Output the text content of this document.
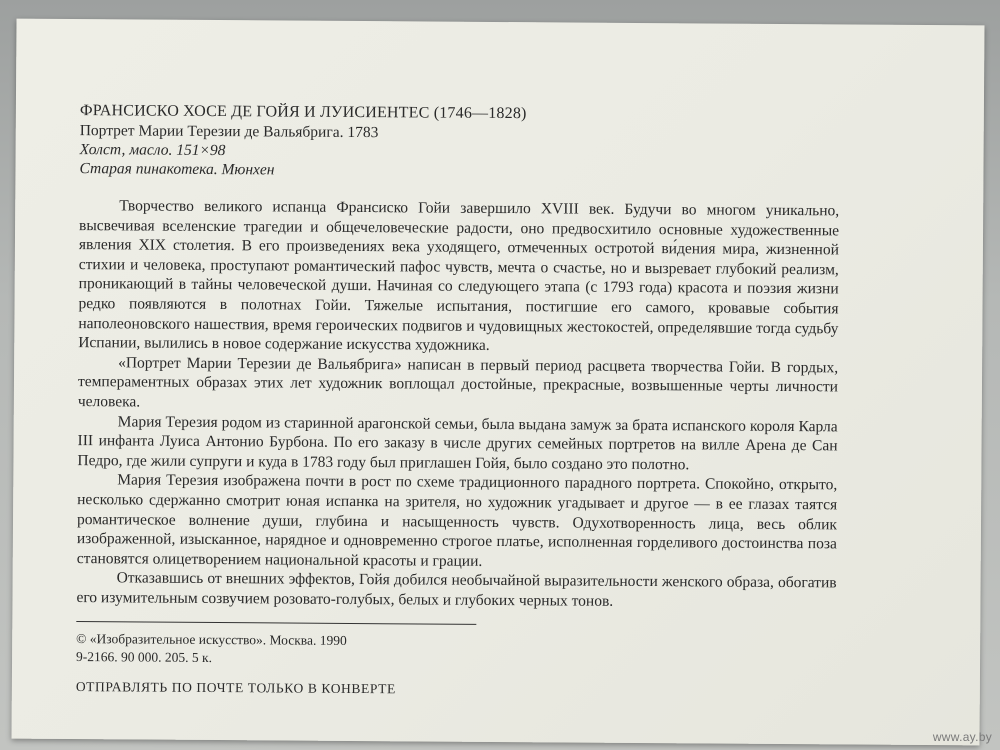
ФРАНСИСКО ХОСЕ ДЕ ГОЙЯ И ЛУИСИЕНТЕС (1746—1828)

Портрет Марии Терезии де Вальябрига. 1783

Холст, масло. 151×98

Старая пинакотека. Мюнхен

Творчество великого испанца Франсиско Гойи завершило XVIII век. Будучи во многом уникально, высвечивая вселенские трагедии и общечеловеческие радости, оно предвосхитило основные художественные явления XIX столетия. В его произведениях века уходящего, отмеченных остротой ви́дения мира, жизненной стихии и человека, проступают романтический пафос чувств, мечта о счастье, но и вызревает глубокий реализм, проникающий в тайны человеческой души. Начиная со следующего этапа (с 1793 года) красота и поэзия жизни редко появляются в полотнах Гойи. Тяжелые испытания, постигшие его самого, кровавые события наполеоновского нашествия, время героических подвигов и чудовищных жестокостей, определявшие тогда судьбу Испании, вылились в новое содержание искусства художника.

«Портрет Марии Терезии де Вальябрига» написан в первый период расцвета творчества Гойи. В гордых, темпераментных образах этих лет художник воплощал достойные, прекрасные, возвышенные черты личности человека.

Мария Терезия родом из старинной арагонской семьи, была выдана замуж за брата испанского короля Карла III инфанта Луиса Антонио Бурбона. По его заказу в числе других семейных портретов на вилле Арена де Сан Педро, где жили супруги и куда в 1783 году был приглашен Гойя, было создано это полотно.

Мария Терезия изображена почти в рост по схеме традиционного парадного портрета. Спокойно, открыто, несколько сдержанно смотрит юная испанка на зрителя, но художник угадывает и другое — в ее глазах таятся романтическое волнение души, глубина и насыщенность чувств. Одухотворенность лица, весь облик изображенной, изысканное, нарядное и одновременно строгое платье, исполненная горделивого достоинства поза становятся олицетворением национальной красоты и грации.

Отказавшись от внешних эффектов, Гойя добился необычайной выразительности женского образа, обогатив его изумительным созвучием розовато-голубых, белых и глубоких черных тонов.

© «Изобразительное искусство». Москва. 1990

9-2166. 90 000. 205. 5 к.

ОТПРАВЛЯТЬ ПО ПОЧТЕ ТОЛЬКО В КОНВЕРТЕ

www.ay.by
